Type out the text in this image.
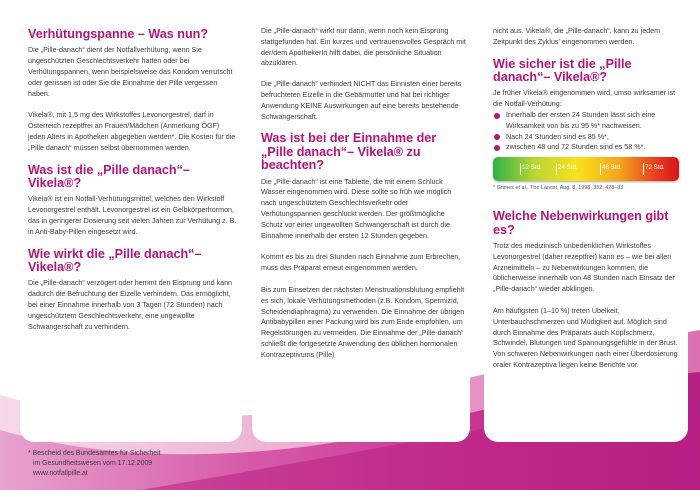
Verhütungspanne – Was nun?

Die „Pille-danach“ dient der Notfallverhütung, wenn Sie ungeschützten Geschlechtsverkehr hatten oder bei Verhütungspannen, wenn beispielsweise das Kondom verrutscht oder gerissen ist oder Sie die Einnahme der Pille vergessen haben.

Vikela®, mit 1,5 mg des Wirkstoffes Levonorgestrel, darf in Österreich rezeptfrei an Frauen/Mädchen (Anmerkung ÖGF) jeden Alters in Apotheken abgegeben werden*. Die Kosten für die „Pille danach“ müssen selbst übernommen werden.

Was ist die „Pille danach“– Vikela®?

Vikela® ist ein Notfall-Verhütungsmittel, welches den Wirkstoff Levonorgestrel enthält. Levonorgestrel ist ein Gelbkörperhormon, das in geringerer Dosierung seit vielen Jahren zur Verhütung z. B. in Anti-Baby-Pillen eingesetzt wird.

Wie wirkt die „Pille danach“– Vikela®?

Die „Pille-danach“ verzögert oder hemmt den Eisprung und kann dadurch die Befruchtung der Eizelle verhindern. Das ermöglicht, bei einer Einnahme innerhalb von 3 Tagen (72 Stunden) nach ungeschütztem Geschlechtsverkehr, eine ungewollte Schwangerschaft zu verhindern.

Die „Pille-danach“ wirkt nur dann, wenn noch kein Eisprung stattgefunden hat. Ein kurzes und vertrauensvolles Gespräch mit der/dem ApothekerIn hilft dabei, die persönliche Situation abzuklären.

Die „Pille-danach“ verhindert NICHT das Einnisten einer bereits befruchteten Eizelle in die Gebärmutter und hat bei richtiger Anwendung KEINE Auswirkungen auf eine bereits bestehende Schwangerschaft.

Was ist bei der Einnahme der „Pille danach“– Vikela® zu beachten?

Die „Pille-danach“ ist eine Tablette, die mit einem Schluck Wasser eingenommen wird. Diese sollte so früh wie möglich nach ungeschütztem Geschlechtsverkehr oder Verhütungspannen geschluckt werden. Der größtmögliche Schutz vor einer ungewollten Schwangerschaft ist durch die Einnahme innerhalb der ersten 12 Stunden gegeben.

Kommt es bis zu drei Stunden nach Einnahme zum Erbrechen, muss das Präparat erneut eingenommen werden.

Bis zum Einsetzen der nächsten Menstruationsblutung empfiehlt es sich, lokale Verhütungsmethoden (z.B. Kondom, Spermizid, Scheidendiaphragma) zu verwenden. Die Einnahme der übrigen Antibabypillen einer Packung wird bis zum Ende empfohlen, um Regelstörungen zu vermeiden. Die Einnahme der „Pille-danach“ schließt die fortgesetzte Anwendung des üblichen hormonalen Kontrazeptivums (Pille)

nicht aus. Vikela®, die „Pille-danach“, kann zu jedem Zeitpunkt des Zyklus’ eingenommen werden.

Wie sicher ist die „Pille danach“– Vikela®?

Je früher Vikela® eingenommen wird, umso wirksamer ist die Notfall-Verhütung:

Innerhalb der ersten 24 Stunden lässt sich eine Wirksamkeit von bis zu 95 %* nachweisen.
Nach 24 Stunden sind es 85 %*,
zwischen 48 und 72 Stunden sind es 58 %*.
12 Std.	24 Std.	48 Std.	72 Std.
* Grimes et al., The Lancet, Aug. 8, 1998, 352: 428–33
Welche Nebenwirkungen gibt es?

Trotz des medizinisch unbedenklichen Wirkstoffes Levonorgestrel (daher rezeptfrei) kann es – wie bei allen Arzneimitteln – zu Nebenwirkungen kommen, die üblicherweise innerhalb von 48 Stunden nach Einsatz der „Pille-danach“ wieder abklingen.

Am häufigsten (1–10 %) treten Übelkeit, Unterbauchschmerzen und Müdigkeit auf. Möglich sind durch Einnahme des Präparats auch Kopfschmerz, Schwindel, Blutungen und Spannungsgefühle in der Brust. Von schweren Nebenwirkungen nach einer Überdosierung oraler Kontrazeptiva liegen keine Berichte vor.

* Bescheid des Bundesamtes für Sicherheit
im Gesundheitswesen vom 17.12.2009
www.notfallpille.at
